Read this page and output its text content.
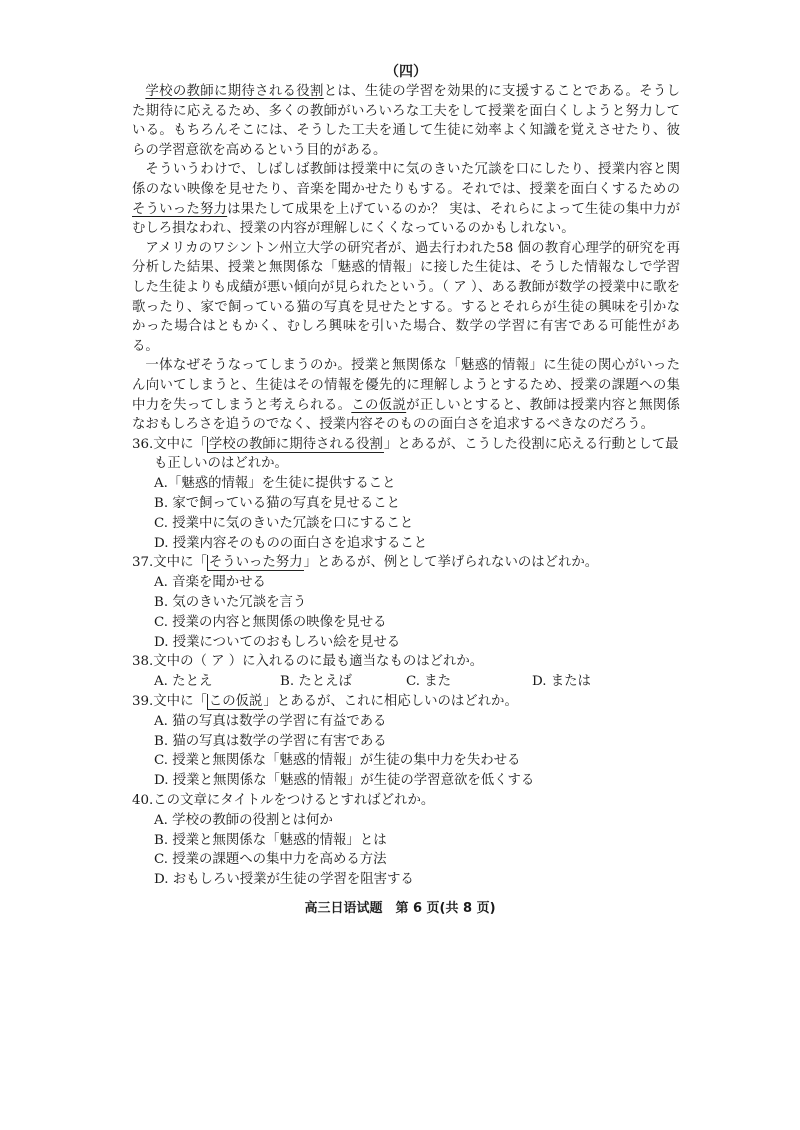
（四）

学校の教師に期待される役割とは、生徒の学習を効果的に支援することである。そうした期待に応えるため、多くの教師がいろいろな工夫をして授業を面白くしようと努力している。もちろんそこには、そうした工夫を通して生徒に効率よく知識を覚えさせたり、彼らの学習意欲を高めるという目的がある。

そういうわけで、しばしば教師は授業中に気のきいた冗談を口にしたり、授業内容と関係のない映像を見せたり、音楽を聞かせたりもする。それでは、授業を面白くするためのそういった努力は果たして成果を上げているのか？ 実は、それらによって生徒の集中力がむしろ損なわれ、授業の内容が理解しにくくなっているのかもしれない。

アメリカのワシントン州立大学の研究者が、過去行われた58 個の教育心理学的研究を再分析した結果、授業と無関係な「魅惑的情報」に接した生徒は、そうした情報なしで学習した生徒よりも成績が悪い傾向が見られたという。（ ア ）、ある教師が数学の授業中に歌を歌ったり、家で飼っている猫の写真を見せたとする。するとそれらが生徒の興味を引かなかった場合はともかく、むしろ興味を引いた場合、数学の学習に有害である可能性がある。

一体なぜそうなってしまうのか。授業と無関係な「魅惑的情報」に生徒の関心がいったん向いてしまうと、生徒はその情報を優先的に理解しようとするため、授業の課題への集中力を失ってしまうと考えられる。この仮説が正しいとすると、教師は授業内容と無関係なおもしろさを追うのでなく、授業内容そのものの面白さを追求するべきなのだろう。

36.文中に「 学校の教師に期待される役割」とあるが、こうした役割に応える行動として最も正しいのはどれか。

A.「魅惑的情報」を生徒に提供すること

B. 家で飼っている猫の写真を見せること

C. 授業中に気のきいた冗談を口にすること

D. 授業内容そのものの面白さを追求すること

37.文中に「 そういった努力」とあるが、例として挙げられないのはどれか。

A. 音楽を聞かせる

B. 気のきいた冗談を言う

C. 授業の内容と無関係の映像を見せる

D. 授業についてのおもしろい絵を見せる

38.文中の（ ア ）に入れるのに最も適当なものはどれか。

A. たとえ	B. たとえば	C. また	D. または

39.文中に「 この仮説」とあるが、これに相応しいのはどれか。

A. 猫の写真は数学の学習に有益である

B. 猫の写真は数学の学習に有害である

C. 授業と無関係な「魅惑的情報」が生徒の集中力を失わせる

D. 授業と無関係な「魅惑的情報」が生徒の学習意欲を低くする

40.この文章にタイトルをつけるとすればどれか。

A. 学校の教師の役割とは何か

B. 授業と無関係な「魅惑的情報」とは

C. 授業の課題への集中力を高める方法

D. おもしろい授業が生徒の学習を阻害する

高三日语试题　第 6 页(共 8 页)
